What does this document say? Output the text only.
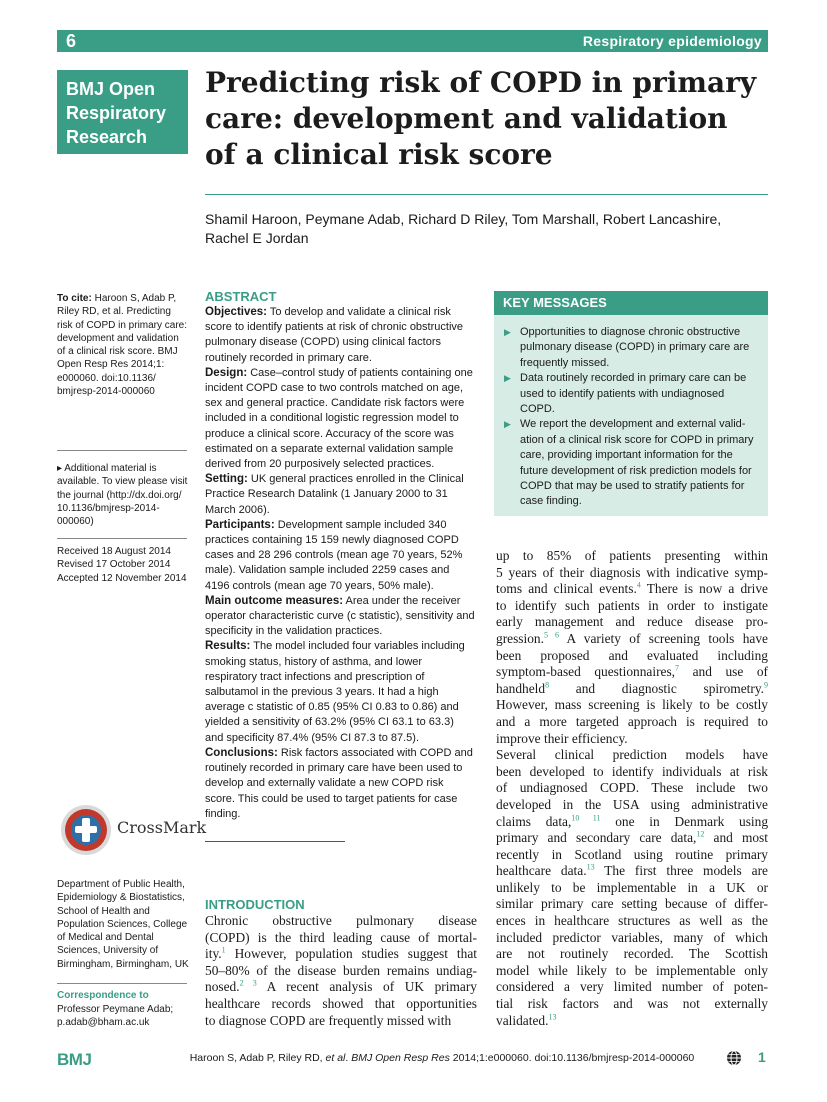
6	Respiratory epidemiology
BMJ Open
Respiratory
Research
Predicting risk of COPD in primary
care: development and validation
of a clinical risk score
Shamil Haroon, Peymane Adab, Richard D Riley, Tom Marshall, Robert Lancashire,
Rachel E Jordan
To cite: Haroon S, Adab P,
Riley RD, et al. Predicting
risk of COPD in primary care:
development and validation
of a clinical risk score. BMJ
Open Resp Res 2014;1:
e000060. doi:10.1136/
bmjresp-2014-000060
▸ Additional material is
available. To view please visit
the journal (http://dx.doi.org/
10.1136/bmjresp-2014-
000060)
Received 18 August 2014
Revised 17 October 2014
Accepted 12 November 2014
CrossMark
Department of Public Health,
Epidemiology & Biostatistics,
School of Health and
Population Sciences, College
of Medical and Dental
Sciences, University of
Birmingham, Birmingham, UK
Correspondence to
Professor Peymane Adab;
p.adab@bham.ac.uk
ABSTRACT
Objectives: To develop and validate a clinical risk
score to identify patients at risk of chronic obstructive
pulmonary disease (COPD) using clinical factors
routinely recorded in primary care.
Design: Case–control study of patients containing one
incident COPD case to two controls matched on age,
sex and general practice. Candidate risk factors were
included in a conditional logistic regression model to
produce a clinical score. Accuracy of the score was
estimated on a separate external validation sample
derived from 20 purposively selected practices.
Setting: UK general practices enrolled in the Clinical
Practice Research Datalink (1 January 2000 to 31
March 2006).
Participants: Development sample included 340
practices containing 15 159 newly diagnosed COPD
cases and 28 296 controls (mean age 70 years, 52%
male). Validation sample included 2259 cases and
4196 controls (mean age 70 years, 50% male).
Main outcome measures: Area under the receiver
operator characteristic curve (c statistic), sensitivity and
specificity in the validation practices.
Results: The model included four variables including
smoking status, history of asthma, and lower
respiratory tract infections and prescription of
salbutamol in the previous 3 years. It had a high
average c statistic of 0.85 (95% CI 0.83 to 0.86) and
yielded a sensitivity of 63.2% (95% CI 63.1 to 63.3)
and specificity 87.4% (95% CI 87.3 to 87.5).
Conclusions: Risk factors associated with COPD and
routinely recorded in primary care have been used to
develop and externally validate a new COPD risk
score. This could be used to target patients for case
finding.
KEY MESSAGES
▶ Opportunities to diagnose chronic obstructive
pulmonary disease (COPD) in primary care are
frequently missed.
▶ Data routinely recorded in primary care can be
used to identify patients with undiagnosed
COPD.
▶ We report the development and external valid-
ation of a clinical risk score for COPD in primary
care, providing important information for the
future development of risk prediction models for
COPD that may be used to stratify patients for
case finding.
INTRODUCTION
Chronic obstructive pulmonary disease
(COPD) is the third leading cause of mortal-
ity.$^1$ However, population studies suggest that
50–80% of the disease burden remains undiag-
nosed.$^{2 3}$ A recent analysis of UK primary
healthcare records showed that opportunities
to diagnose COPD are frequently missed with
up to 85% of patients presenting within
5 years of their diagnosis with indicative symp-
toms and clinical events.$^4$ There is now a drive
to identify such patients in order to instigate
early management and reduce disease pro-
gression.$^{5 6}$ A variety of screening tools have
been proposed and evaluated including
symptom-based questionnaires,$^7$ and use of
handheld$^8$ and diagnostic spirometry.$^9$
However, mass screening is likely to be costly
and a more targeted approach is required to
improve their efficiency.
Several clinical prediction models have
been developed to identify individuals at risk
of undiagnosed COPD. These include two
developed in the USA using administrative
claims data,$^{10 11}$ one in Denmark using
primary and secondary care data,$^{12}$ and most
recently in Scotland using routine primary
healthcare data.$^{13}$ The first three models are
unlikely to be implementable in a UK or
similar primary care setting because of differ-
ences in healthcare structures as well as the
included predictor variables, many of which
are not routinely recorded. The Scottish
model while likely to be implementable only
considered a very limited number of poten-
tial risk factors and was not externally
validated.$^{13}$
BMJ	Haroon S, Adab P, Riley RD, et al. BMJ Open Resp Res 2014;1:e000060. doi:10.1136/bmjresp-2014-000060	1
